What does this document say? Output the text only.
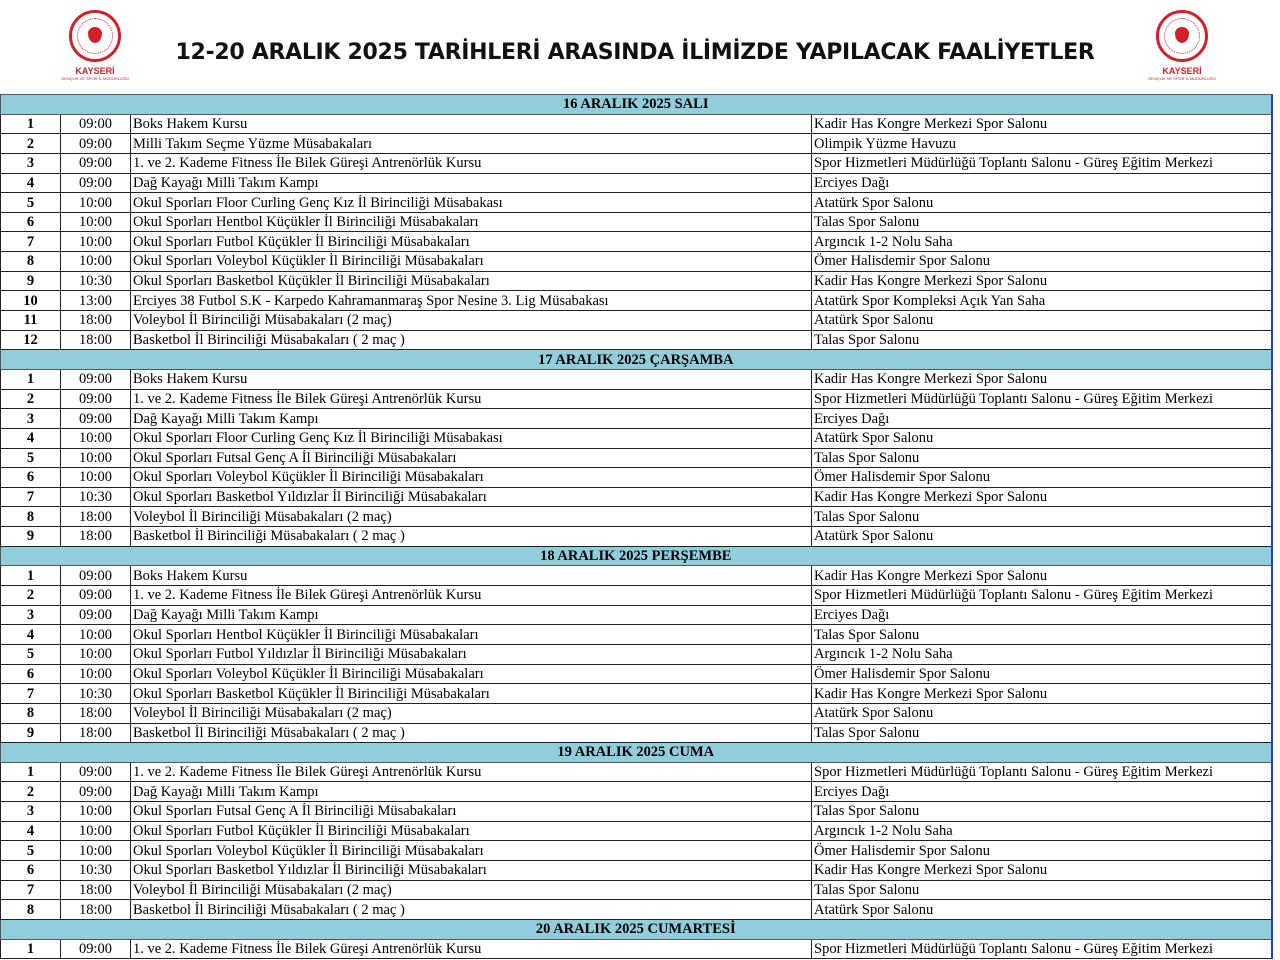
KAYSERİ
GENÇLİK VE SPOR İL MÜDÜRLÜĞÜ
12-20 ARALIK 2025 TARİHLERİ ARASINDA İLİMİZDE YAPILACAK FAALİYETLER
KAYSERİ
GENÇLİK VE SPOR İL MÜDÜRLÜĞÜ
16 ARALIK 2025 SALI			
1	09:00	Boks Hakem Kursu	Kadir Has Kongre Merkezi Spor Salonu
2	09:00	Milli Takım Seçme Yüzme Müsabakaları	Olimpik Yüzme Havuzu
3	09:00	1. ve 2. Kademe Fitness İle Bilek Güreşi Antrenörlük Kursu	Spor Hizmetleri Müdürlüğü Toplantı Salonu - Güreş Eğitim Merkezi
4	09:00	Dağ Kayağı Milli Takım Kampı	Erciyes Dağı
5	10:00	Okul Sporları Floor Curling Genç Kız İl Birinciliği Müsabakası	Atatürk Spor Salonu
6	10:00	Okul Sporları Hentbol Küçükler İl Birinciliği Müsabakaları	Talas Spor Salonu
7	10:00	Okul Sporları Futbol Küçükler İl Birinciliği Müsabakaları	Argıncık 1-2 Nolu Saha
8	10:00	Okul Sporları Voleybol Küçükler İl Birinciliği Müsabakaları	Ömer Halisdemir Spor Salonu
9	10:30	Okul Sporları Basketbol Küçükler İl Birinciliği Müsabakaları	Kadir Has Kongre Merkezi Spor Salonu
10	13:00	Erciyes 38 Futbol S.K - Karpedo Kahramanmaraş Spor Nesine 3. Lig Müsabakası	Atatürk Spor Kompleksi Açık Yan Saha
11	18:00	Voleybol İl Birinciliği Müsabakaları (2 maç)	Atatürk Spor Salonu
12	18:00	Basketbol İl Birinciliği Müsabakaları ( 2 maç )	Talas Spor Salonu
17 ARALIK 2025 ÇARŞAMBA			
1	09:00	Boks Hakem Kursu	Kadir Has Kongre Merkezi Spor Salonu
2	09:00	1. ve 2. Kademe Fitness İle Bilek Güreşi Antrenörlük Kursu	Spor Hizmetleri Müdürlüğü Toplantı Salonu - Güreş Eğitim Merkezi
3	09:00	Dağ Kayağı Milli Takım Kampı	Erciyes Dağı
4	10:00	Okul Sporları Floor Curling Genç Kız İl Birinciliği Müsabakası	Atatürk Spor Salonu
5	10:00	Okul Sporları Futsal Genç A İl Birinciliği Müsabakaları	Talas Spor Salonu
6	10:00	Okul Sporları Voleybol Küçükler İl Birinciliği Müsabakaları	Ömer Halisdemir Spor Salonu
7	10:30	Okul Sporları Basketbol Yıldızlar İl Birinciliği Müsabakaları	Kadir Has Kongre Merkezi Spor Salonu
8	18:00	Voleybol İl Birinciliği Müsabakaları (2 maç)	Talas Spor Salonu
9	18:00	Basketbol İl Birinciliği Müsabakaları ( 2 maç )	Atatürk Spor Salonu
18 ARALIK 2025 PERŞEMBE			
1	09:00	Boks Hakem Kursu	Kadir Has Kongre Merkezi Spor Salonu
2	09:00	1. ve 2. Kademe Fitness İle Bilek Güreşi Antrenörlük Kursu	Spor Hizmetleri Müdürlüğü Toplantı Salonu - Güreş Eğitim Merkezi
3	09:00	Dağ Kayağı Milli Takım Kampı	Erciyes Dağı
4	10:00	Okul Sporları Hentbol Küçükler İl Birinciliği Müsabakaları	Talas Spor Salonu
5	10:00	Okul Sporları Futbol Yıldızlar İl Birinciliği Müsabakaları	Argıncık 1-2 Nolu Saha
6	10:00	Okul Sporları Voleybol Küçükler İl Birinciliği Müsabakaları	Ömer Halisdemir Spor Salonu
7	10:30	Okul Sporları Basketbol Küçükler İl Birinciliği Müsabakaları	Kadir Has Kongre Merkezi Spor Salonu
8	18:00	Voleybol İl Birinciliği Müsabakaları (2 maç)	Atatürk Spor Salonu
9	18:00	Basketbol İl Birinciliği Müsabakaları ( 2 maç )	Talas Spor Salonu
19 ARALIK 2025 CUMA			
1	09:00	1. ve 2. Kademe Fitness İle Bilek Güreşi Antrenörlük Kursu	Spor Hizmetleri Müdürlüğü Toplantı Salonu - Güreş Eğitim Merkezi
2	09:00	Dağ Kayağı Milli Takım Kampı	Erciyes Dağı
3	10:00	Okul Sporları Futsal Genç A İl Birinciliği Müsabakaları	Talas Spor Salonu
4	10:00	Okul Sporları Futbol Küçükler İl Birinciliği Müsabakaları	Argıncık 1-2 Nolu Saha
5	10:00	Okul Sporları Voleybol Küçükler İl Birinciliği Müsabakaları	Ömer Halisdemir Spor Salonu
6	10:30	Okul Sporları Basketbol Yıldızlar İl Birinciliği Müsabakaları	Kadir Has Kongre Merkezi Spor Salonu
7	18:00	Voleybol İl Birinciliği Müsabakaları (2 maç)	Talas Spor Salonu
8	18:00	Basketbol İl Birinciliği Müsabakaları ( 2 maç )	Atatürk Spor Salonu
20 ARALIK 2025 CUMARTESİ			
1	09:00	1. ve 2. Kademe Fitness İle Bilek Güreşi Antrenörlük Kursu	Spor Hizmetleri Müdürlüğü Toplantı Salonu - Güreş Eğitim Merkezi
